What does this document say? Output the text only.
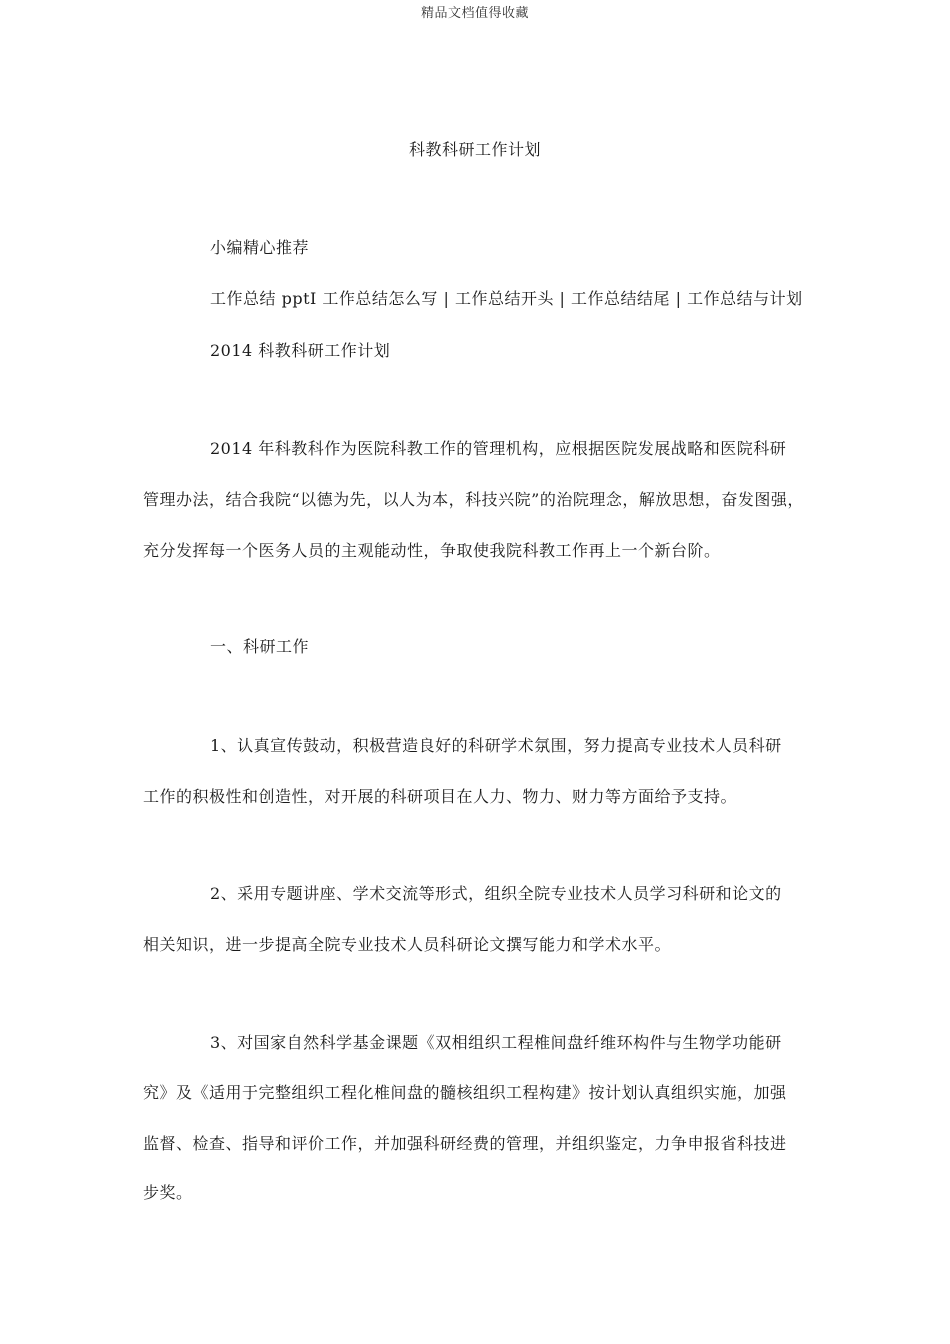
精品文档值得收藏
科教科研工作计划
小编精心推荐
工作总结 pptI 工作总结怎么写 | 工作总结开头 | 工作总结结尾 | 工作总结与计划
2014 科教科研工作计划
2014 年科教科作为医院科教工作的管理机构，应根据医院发展战略和医院科研
管理办法，结合我院“以德为先，以人为本，科技兴院”的治院理念，解放思想，奋发图强，
充分发挥每一个医务人员的主观能动性，争取使我院科教工作再上一个新台阶。
一、科研工作
1、认真宣传鼓动，积极营造良好的科研学术氛围，努力提高专业技术人员科研
工作的积极性和创造性，对开展的科研项目在人力、物力、财力等方面给予支持。
2、采用专题讲座、学术交流等形式，组织全院专业技术人员学习科研和论文的
相关知识，进一步提高全院专业技术人员科研论文撰写能力和学术水平。
3、对国家自然科学基金课题《双相组织工程椎间盘纤维环构件与生物学功能研
究》及《适用于完整组织工程化椎间盘的髓核组织工程构建》按计划认真组织实施，加强
监督、检查、指导和评价工作，并加强科研经费的管理，并组织鉴定，力争申报省科技进
步奖。
